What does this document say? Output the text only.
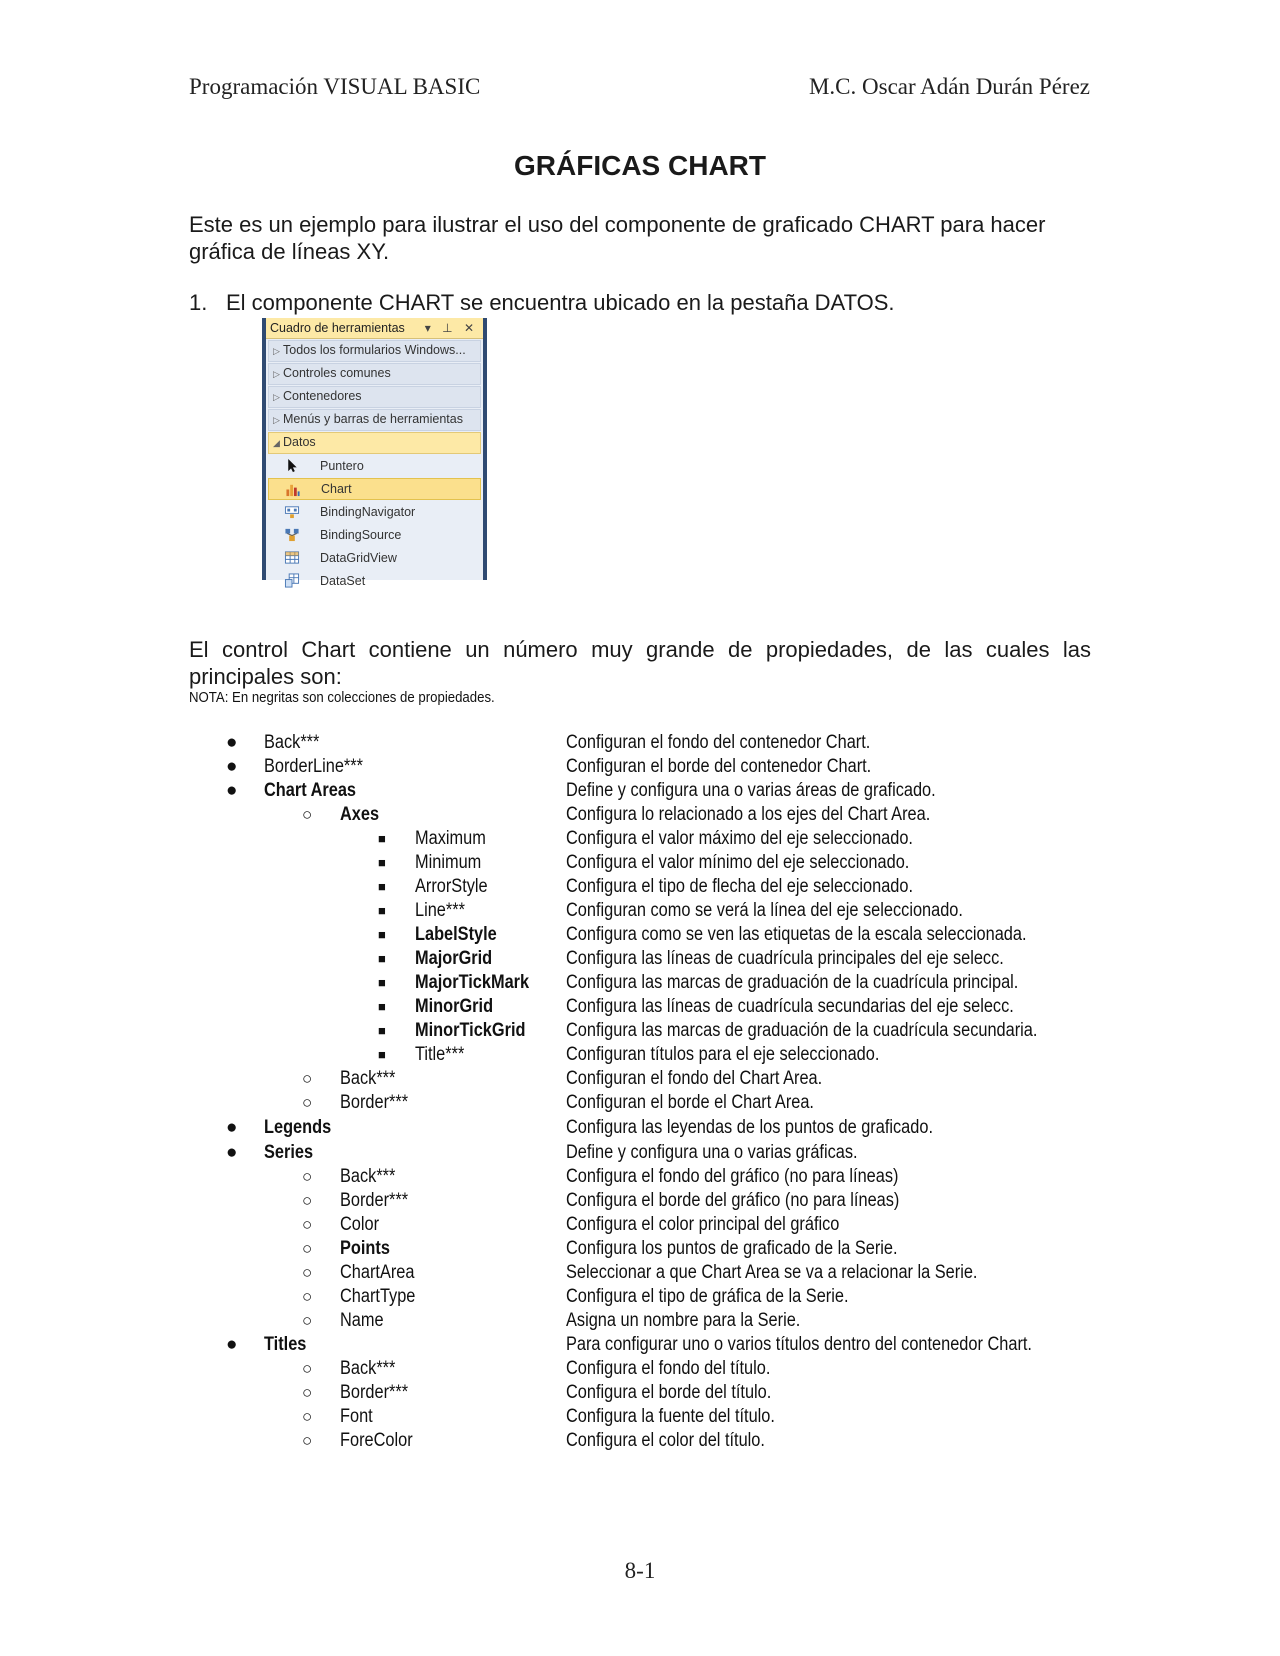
Programación VISUAL BASIC	M.C. Oscar Adán Durán Pérez
GRÁFICAS CHART
Este es un ejemplo para ilustrar el uso del componente de graficado CHART para hacer gráfica de líneas XY.
1. El componente CHART se encuentra ubicado en la pestaña DATOS.
Cuadro de herramientas ▾ ⊥ ✕
▷ Todos los formularios Windows...
▷ Controles comunes
▷ Contenedores
▷ Menús y barras de herramientas
◢ Datos
Puntero
Chart
BindingNavigator
BindingSource
DataGridView
DataSet
El control Chart contiene un número muy grande de propiedades, de las cuales las principales son:
NOTA: En negritas son colecciones de propiedades.
● Back***	Configuran el fondo del contenedor Chart.
● BorderLine***	Configuran el borde del contenedor Chart.
● Chart Areas	Define y configura una o varias áreas de graficado.
○ Axes	Configura lo relacionado a los ejes del Chart Area.
■ Maximum	Configura el valor máximo del eje seleccionado.
■ Minimum	Configura el valor mínimo del eje seleccionado.
■ ArrorStyle	Configura el tipo de flecha del eje seleccionado.
■ Line***	Configuran como se verá la línea del eje seleccionado.
■ LabelStyle	Configura como se ven las etiquetas de la escala seleccionada.
■ MajorGrid	Configura las líneas de cuadrícula principales del eje selecc.
■ MajorTickMark Configura las marcas de graduación de la cuadrícula principal.
■ MinorGrid	Configura las líneas de cuadrícula secundarias del eje selecc.
■ MinorTickGrid Configura las marcas de graduación de la cuadrícula secundaria.
■ Title***	Configuran títulos para el eje seleccionado.
○ Back***	Configuran el fondo del Chart Area.
○ Border***	Configuran el borde el Chart Area.
● Legends	Configura las leyendas de los puntos de graficado.
● Series	Define y configura una o varias gráficas.
○ Back***	Configura el fondo del gráfico (no para líneas)
○ Border***	Configura el borde del gráfico (no para líneas)
○ Color	Configura el color principal del gráfico
○ Points	Configura los puntos de graficado de la Serie.
○ ChartArea	Seleccionar a que Chart Area se va a relacionar la Serie.
○ ChartType	Configura el tipo de gráfica de la Serie.
○ Name	Asigna un nombre para la Serie.
● Titles	Para configurar uno o varios títulos dentro del contenedor Chart.
○ Back***	Configura el fondo del título.
○ Border***	Configura el borde del título.
○ Font	Configura la fuente del título.
○ ForeColor	Configura el color del título.
8-1
